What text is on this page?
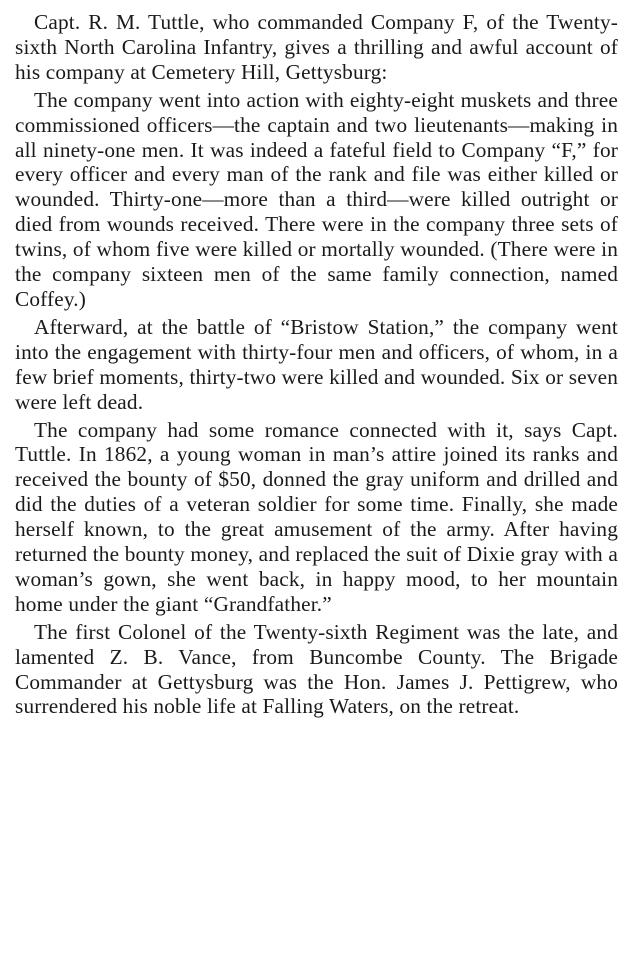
Capt. R. M. Tuttle, who commanded Company F, of the Twenty-sixth North Carolina Infantry, gives a thrilling and awful account of his company at Cemetery Hill, Gettysburg:

The company went into action with eighty-eight muskets and three commissioned officers—the captain and two lieutenants—making in all ninety-one men. It was indeed a fateful field to Company “F,” for every officer and every man of the rank and file was either killed or wounded. Thirty-one—more than a third—were killed outright or died from wounds received. There were in the company three sets of twins, of whom five were killed or mortally wounded. (There were in the company sixteen men of the same family connection, named Coffey.)

Afterward, at the battle of “Bristow Station,” the company went into the engagement with thirty-four men and officers, of whom, in a few brief moments, thirty-two were killed and wounded. Six or seven were left dead.

The company had some romance connected with it, says Capt. Tuttle. In 1862, a young woman in man’s attire joined its ranks and received the bounty of $50, donned the gray uniform and drilled and did the duties of a veteran soldier for some time. Finally, she made herself known, to the great amusement of the army. After having returned the bounty money, and replaced the suit of Dixie gray with a woman’s gown, she went back, in happy mood, to her mountain home under the giant “Grandfather.”

The first Colonel of the Twenty-sixth Regiment was the late, and lamented Z. B. Vance, from Buncombe County. The Brigade Commander at Gettysburg was the Hon. James J. Pettigrew, who surrendered his noble life at Falling Waters, on the retreat.
